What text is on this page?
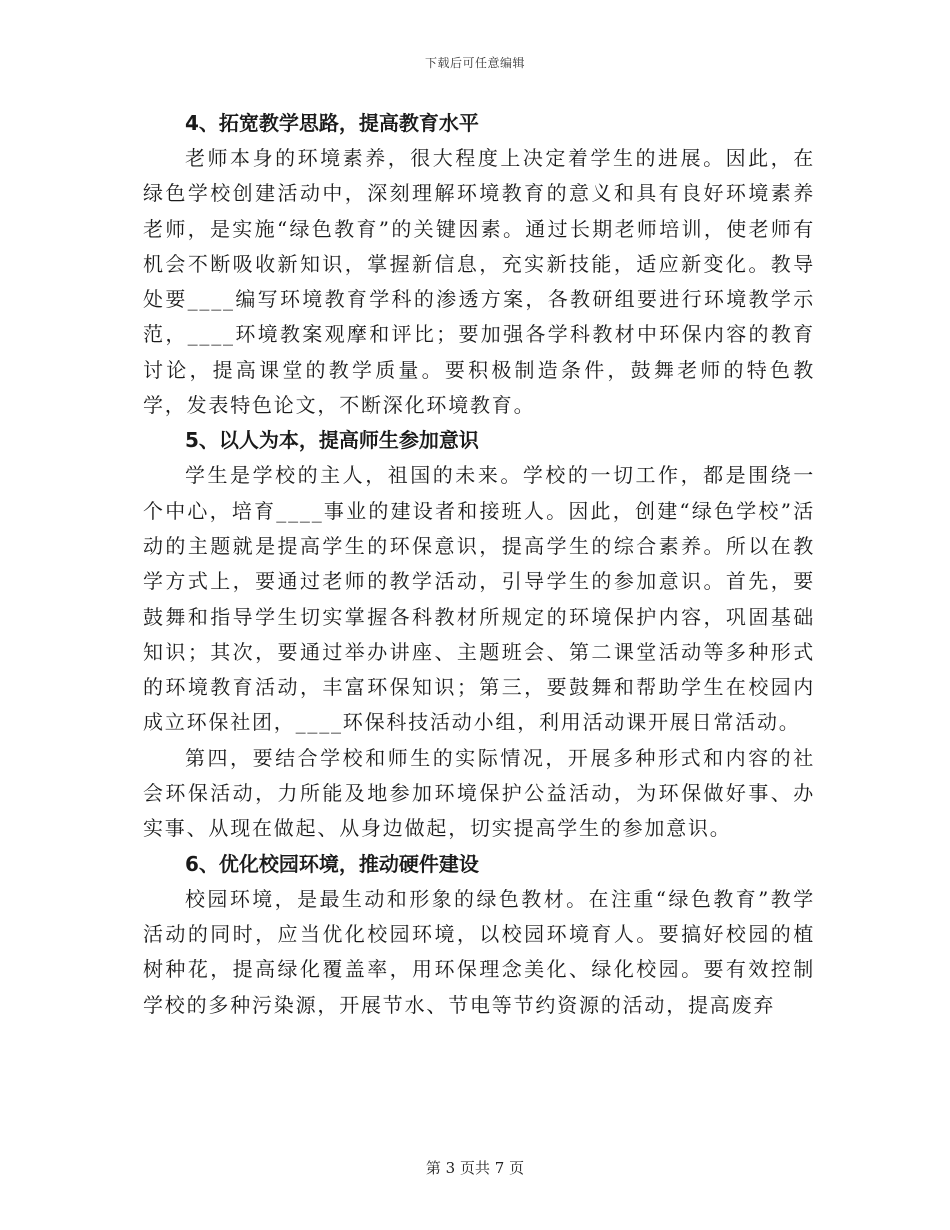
下载后可任意编辑
4、拓宽教学思路，提高教育水平

老师本身的环境素养，很大程度上决定着学生的进展。因此，在绿色学校创建活动中，深刻理解环境教育的意义和具有良好环境素养老师，是实施“绿色教育”的关键因素。通过长期老师培训，使老师有机会不断吸收新知识，掌握新信息，充实新技能，适应新变化。教导处要____编写环境教育学科的渗透方案，各教研组要进行环境教学示范，____环境教案观摩和评比；要加强各学科教材中环保内容的教育讨论，提高课堂的教学质量。要积极制造条件，鼓舞老师的特色教学，发表特色论文，不断深化环境教育。

5、以人为本，提高师生参加意识

学生是学校的主人，祖国的未来。学校的一切工作，都是围绕一个中心，培育____事业的建设者和接班人。因此，创建“绿色学校”活动的主题就是提高学生的环保意识，提高学生的综合素养。所以在教学方式上，要通过老师的教学活动，引导学生的参加意识。首先，要鼓舞和指导学生切实掌握各科教材所规定的环境保护内容，巩固基础知识；其次，要通过举办讲座、主题班会、第二课堂活动等多种形式的环境教育活动，丰富环保知识；第三，要鼓舞和帮助学生在校园内成立环保社团，____环保科技活动小组，利用活动课开展日常活动。

第四，要结合学校和师生的实际情况，开展多种形式和内容的社会环保活动，力所能及地参加环境保护公益活动，为环保做好事、办实事、从现在做起、从身边做起，切实提高学生的参加意识。

6、优化校园环境，推动硬件建设

校园环境，是最生动和形象的绿色教材。在注重“绿色教育”教学活动的同时，应当优化校园环境，以校园环境育人。要搞好校园的植树种花，提高绿化覆盖率，用环保理念美化、绿化校园。要有效控制学校的多种污染源，开展节水、节电等节约资源的活动，提高废弃

第 3 页共 7 页
